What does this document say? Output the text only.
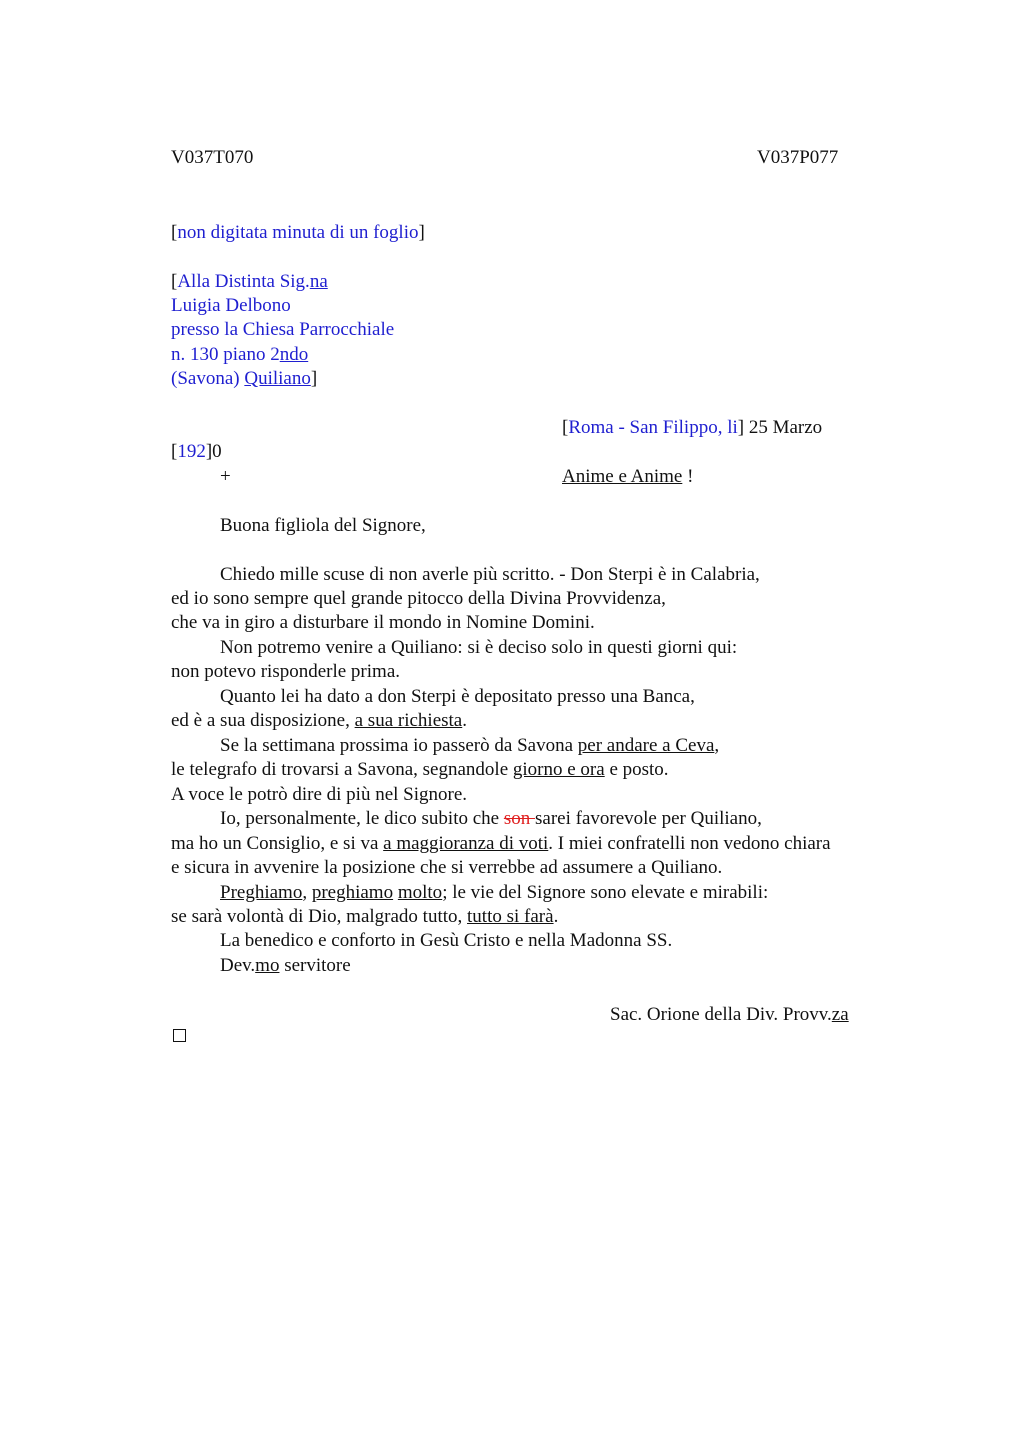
V037T070	V037P077
[non digitata minuta di un foglio]
[Alla Distinta Sig.na
Luigia Delbono
presso la Chiesa Parrocchiale
n. 130 piano 2ndo
(Savona) Quiliano]
[Roma - San Filippo, li] 25 Marzo
[192]0
+	Anime e Anime !
Buona figliola del Signore,
Chiedo mille scuse di non averle più scritto. - Don Sterpi è in Calabria,
ed io sono sempre quel grande pitocco della Divina Provvidenza,
che va in giro a disturbare il mondo in Nomine Domini.
Non potremo venire a Quiliano: si è deciso solo in questi giorni qui:
non potevo risponderle prima.
Quanto lei ha dato a don Sterpi è depositato presso una Banca,
ed è a sua disposizione, a sua richiesta.
Se la settimana prossima io passerò da Savona per andare a Ceva,
le telegrafo di trovarsi a Savona, segnandole giorno e ora e posto.
A voce le potrò dire di più nel Signore.
Io, personalmente, le dico subito che son sarei favorevole per Quiliano,
ma ho un Consiglio, e si va a maggioranza di voti. I miei confratelli non vedono chiara
e sicura in avvenire la posizione che si verrebbe ad assumere a Quiliano.
Preghiamo, preghiamo molto; le vie del Signore sono elevate e mirabili:
se sarà volontà di Dio, malgrado tutto, tutto si farà.
La benedico e conforto in Gesù Cristo e nella Madonna SS.
Dev.mo servitore
Sac. Orione della Div. Provv.za
